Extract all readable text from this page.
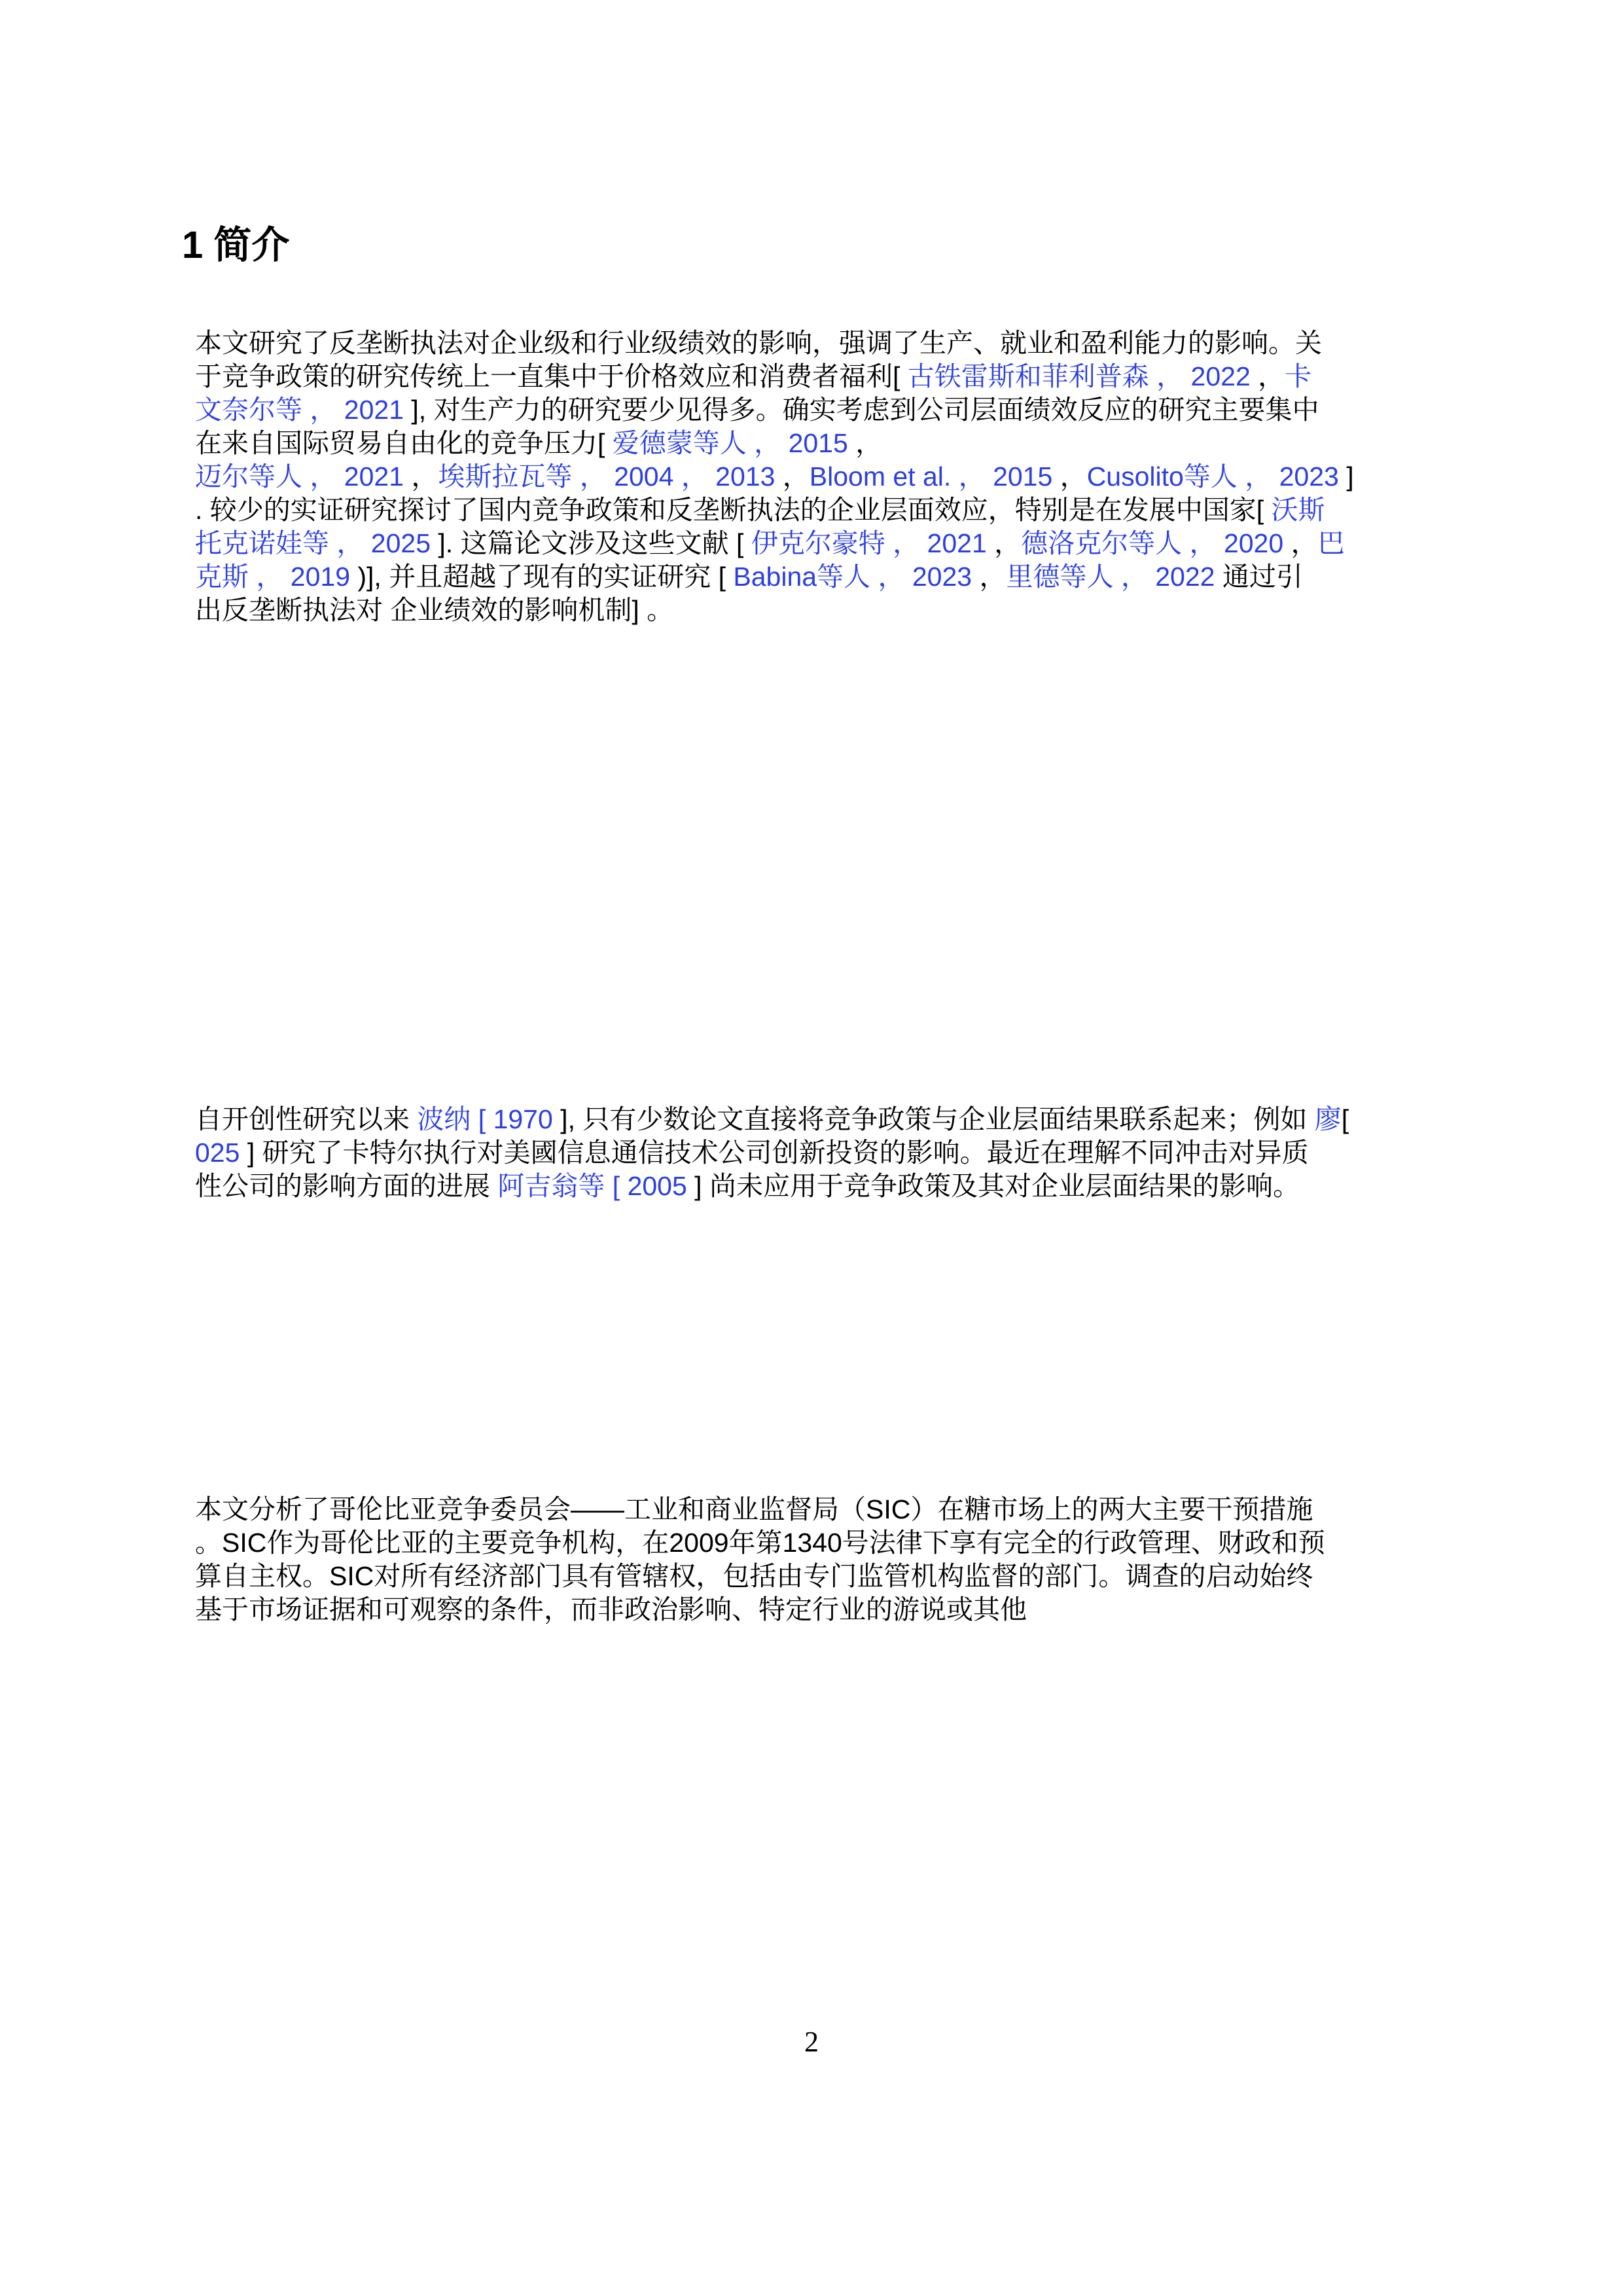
1 简介
本文研究了反垄断执法对企业级和行业级绩效的影响，强调了生产、就业和盈利能力的影响。关
于竞争政策的研究传统上一直集中于价格效应和消费者福利[ 古铁雷斯和菲利普森 ， 2022 ，卡
文奈尔等 ， 2021 ], 对生产力的研究要少见得多。确实考虑到公司层面绩效反应的研究主要集中
在来自国际贸易自由化的竞争压力[ 爱德蒙等人 ， 2015 ，
迈尔等人 ， 2021 ，埃斯拉瓦等 ， 2004 ， 2013 ，Bloom et al. ， 2015 ，Cusolito等人 ， 2023 ]
. 较少的实证研究探讨了国内竞争政策和反垄断执法的企业层面效应，特别是在发展中国家[ 沃斯
托克诺娃等 ， 2025 ]. 这篇论文涉及这些文献 [ 伊克尔豪特 ， 2021 ，德洛克尔等人 ， 2020 ，巴
克斯 ， 2019 )], 并且超越了现有的实证研究 [ Babina等人 ， 2023 ，里德等人 ， 2022 通过引
出反垄断执法对 企业绩效的影响机制] 。
自开创性研究以来 波纳 [ 1970 ], 只有少数论文直接将竞争政策与企业层面结果联系起来；例如 廖[
025 ] 研究了卡特尔执行对美國信息通信技术公司创新投资的影响。最近在理解不同冲击对异质
性公司的影响方面的进展 阿吉翁等 [ 2005 ] 尚未应用于竞争政策及其对企业层面结果的影响。
本文分析了哥伦比亚竞争委员会——工业和商业监督局（SIC）在糖市场上的两大主要干预措施
。SIC作为哥伦比亚的主要竞争机构，在2009年第1340号法律下享有完全的行政管理、财政和预
算自主权。SIC对所有经济部门具有管辖权，包括由专门监管机构监督的部门。调查的启动始终
基于市场证据和可观察的条件，而非政治影响、特定行业的游说或其他

2
